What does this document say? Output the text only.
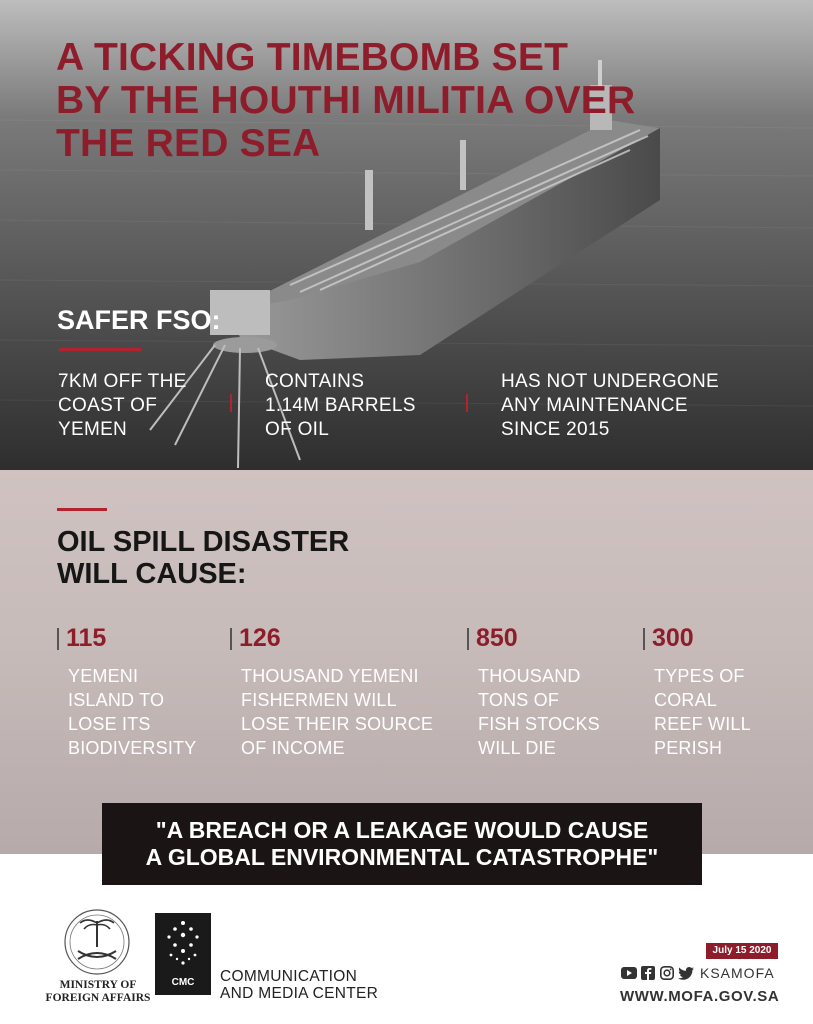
A TICKING TIMEBOMB SET
BY THE HOUTHI MILITIA OVER
THE RED SEA
SAFER FSO:
7KM OFF THE
COAST OF
YEMEN
CONTAINS
1.14M BARRELS
OF OIL
HAS NOT UNDERGONE
ANY MAINTENANCE
SINCE 2015
OIL SPILL DISASTER
WILL CAUSE:
115
YEMENI
ISLAND TO
LOSE ITS
BIODIVERSITY
126
THOUSAND YEMENI
FISHERMEN WILL
LOSE THEIR SOURCE
OF INCOME
850
THOUSAND
TONS OF
FISH STOCKS
WILL DIE
300
TYPES OF
CORAL
REEF WILL
PERISH
"A BREACH OR A LEAKAGE WOULD CAUSE
A GLOBAL ENVIRONMENTAL CATASTROPHE"
MINISTRY OF
FOREIGN AFFAIRS
CMC	COMMUNICATION
AND MEDIA CENTER
July 15 2020
KSAMOFA
WWW.MOFA.GOV.SA
